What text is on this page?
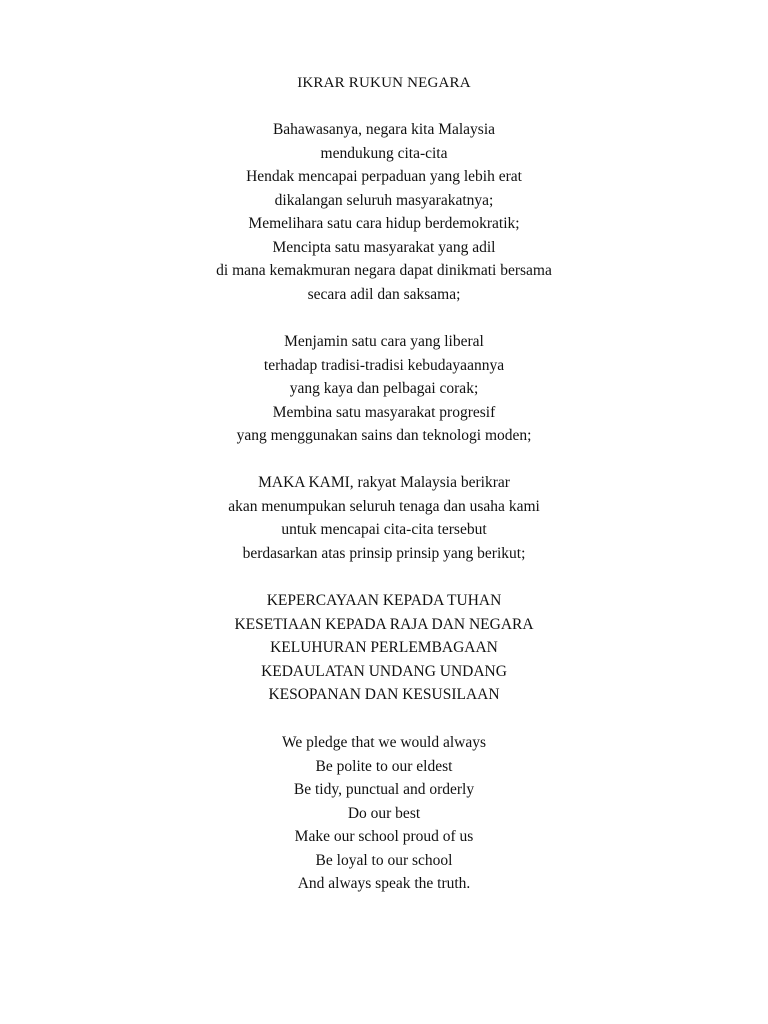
IKRAR RUKUN NEGARA
Bahawasanya, negara kita Malaysia
mendukung cita-cita
Hendak mencapai perpaduan yang lebih erat
dikalangan seluruh masyarakatnya;
Memelihara satu cara hidup berdemokratik;
Mencipta satu masyarakat yang adil
di mana kemakmuran negara dapat dinikmati bersama
secara adil dan saksama;
Menjamin satu cara yang liberal
terhadap tradisi-tradisi kebudayaannya
yang kaya dan pelbagai corak;
Membina satu masyarakat progresif
yang menggunakan sains dan teknologi moden;
MAKA KAMI, rakyat Malaysia berikrar
akan menumpukan seluruh tenaga dan usaha kami
untuk mencapai cita-cita tersebut
berdasarkan atas prinsip prinsip yang berikut;
KEPERCAYAAN KEPADA TUHAN
KESETIAAN KEPADA RAJA DAN NEGARA
KELUHURAN PERLEMBAGAAN
KEDAULATAN UNDANG UNDANG
KESOPANAN DAN KESUSILAAN
We pledge that we would always
Be polite to our eldest
Be tidy, punctual and orderly
Do our best
Make our school proud of us
Be loyal to our school
And always speak the truth.
